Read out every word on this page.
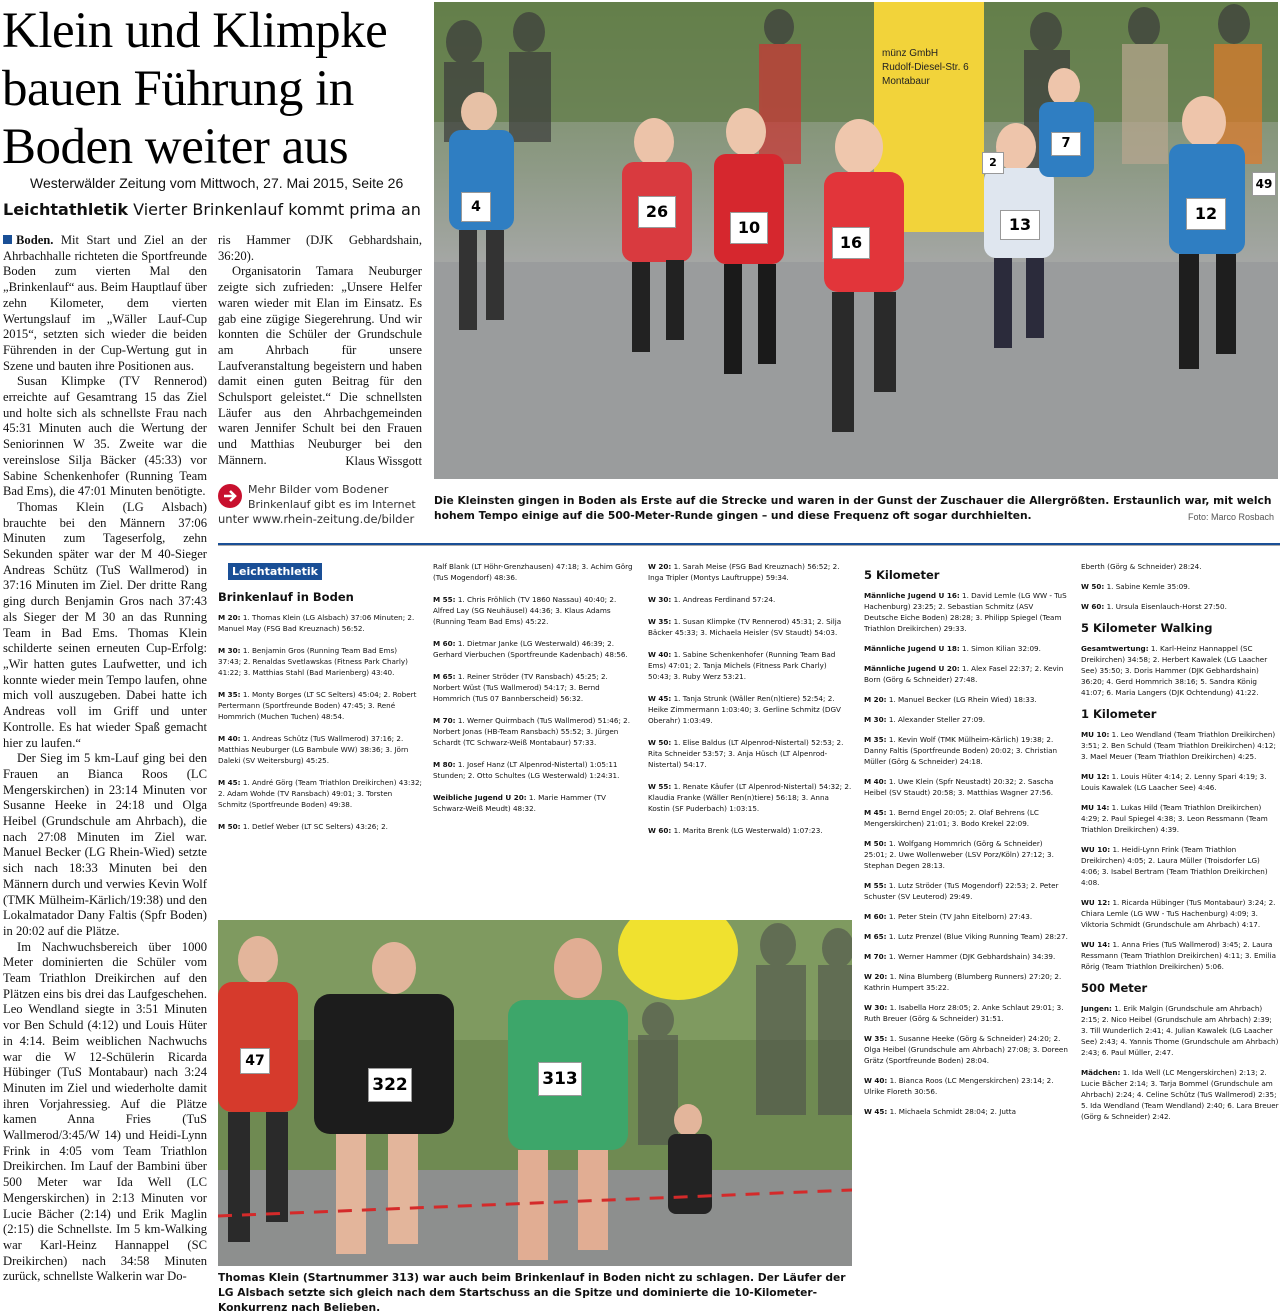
Klein und Klimpke bauen Führung in Boden weiter aus
Westerwälder Zeitung vom Mittwoch, 27. Mai 2015, Seite 26
Leichtathletik Vierter Brinkenlauf kommt prima an

Boden. Mit Start und Ziel an der Ahrbachhalle richteten die Sportfreunde Boden zum vierten Mal den „Brinkenlauf“ aus. Beim Hauptlauf über zehn Kilometer, dem vierten Wertungslauf im „Wäller Lauf-Cup 2015“, setzten sich wieder die beiden Führenden in der Cup-Wertung gut in Szene und bauten ihre Positionen aus.

Susan Klimpke (TV Rennerod) erreichte auf Gesamtrang 15 das Ziel und holte sich als schnellste Frau nach 45:31 Minuten auch die Wertung der Seniorinnen W 35. Zweite war die vereinslose Silja Bäcker (45:33) vor Sabine Schenkenhofer (Running Team Bad Ems), die 47:01 Minuten benötigte.

Thomas Klein (LG Alsbach) brauchte bei den Männern 37:06 Minuten zum Tageserfolg, zehn Sekunden später war der M 40-Sieger Andreas Schütz (TuS Wallmerod) in 37:16 Minuten im Ziel. Der dritte Rang ging durch Benjamin Gros nach 37:43 als Sieger der M 30 an das Running Team in Bad Ems. Thomas Klein schilderte seinen erneuten Cup-Erfolg: „Wir hatten gutes Laufwetter, und ich konnte wieder mein Tempo laufen, ohne mich voll auszugeben. Dabei hatte ich Andreas voll im Griff und unter Kontrolle. Es hat wieder Spaß gemacht hier zu laufen.“

Der Sieg im 5 km-Lauf ging bei den Frauen an Bianca Roos (LC Mengerskirchen) in 23:14 Minuten vor Susanne Heeke in 24:18 und Olga Heibel (Grundschule am Ahrbach), die nach 27:08 Minuten im Ziel war. Manuel Becker (LG Rhein-Wied) setzte sich nach 18:33 Minuten bei den Männern durch und verwies Kevin Wolf (TMK Mülheim-Kärlich/19:38) und den Lokalmatador Dany Faltis (Spfr Boden) in 20:02 auf die Plätze.

Im Nachwuchsbereich über 1000 Meter dominierten die Schüler vom Team Triathlon Dreikirchen auf den Plätzen eins bis drei das Laufgeschehen. Leo Wendland siegte in 3:51 Minuten vor Ben Schuld (4:12) und Louis Hüter in 4:14. Beim weiblichen Nachwuchs war die W 12-Schülerin Ricarda Hübinger (TuS Montabaur) nach 3:24 Minuten im Ziel und wiederholte damit ihren Vorjahressieg. Auf die Plätze kamen Anna Fries (TuS Wallmerod/3:45/W 14) und Heidi-Lynn Frink in 4:05 vom Team Triathlon Dreikirchen. Im Lauf der Bambini über 500 Meter war Ida Well (LC Mengerskirchen) in 2:13 Minuten vor Lucie Bächer (2:14) und Erik Maglin (2:15) die Schnellste. Im 5 km-Walking war Karl-Heinz Hannappel (SC Dreikirchen) nach 34:58 Minuten zurück, schnellste Walkerin war Do-

ris Hammer (DJK Gebhardshain, 36:20).

Organisatorin Tamara Neuburger zeigte sich zufrieden: „Unsere Helfer waren wieder mit Elan im Einsatz. Es gab eine zügige Siegerehrung. Und wir konnten die Schüler der Grundschule am Ahrbach für unsere Laufveranstaltung begeistern und haben damit einen guten Beitrag für den Schulsport geleistet.“ Die schnellsten Läufer aus den Ahrbachgemeinden waren Jennifer Schult bei den Frauen und Matthias Neuburger bei den Männern.	Klaus Wissgott
Mehr Bilder vom Bodener Brinkenlauf gibt es im Internet
unter www.rhein-zeitung.de/bilder
münz GmbH
Rudolf-Diesel-Str. 6
Montabaur
4	26
10
16
13
12
7
49
2
Die Kleinsten gingen in Boden als Erste auf die Strecke und waren in der Gunst der Zuschauer die Allergrößten. Erstaunlich war, mit welch hohem Tempo einige auf die 500-Meter-Runde gingen – und diese Frequenz oft sogar durchhielten.	Foto: Marco Rosbach
Leichtathletik
Brinkenlauf in Boden
M 20: 1. Thomas Klein (LG Alsbach) 37:06 Minuten; 2. Manuel May (FSG Bad Kreuznach) 56:52.
M 30: 1. Benjamin Gros (Running Team Bad Ems) 37:43; 2. Renaldas Svetlawskas (Fitness Park Charly) 41:22; 3. Matthias Stahl (Bad Marienberg) 43:40.
M 35: 1. Monty Borges (LT SC Selters) 45:04; 2. Robert Pertermann (Sportfreunde Boden) 47:45; 3. René Hommrich (Muchen Tuchen) 48:54.
M 40: 1. Andreas Schütz (TuS Wallmerod) 37:16; 2. Matthias Neuburger (LG Bambule WW) 38:36; 3. Jörn Daleki (SV Weitersburg) 45:25.
M 45: 1. André Görg (Team Triathlon Dreikirchen) 43:32; 2. Adam Wohde (TV Ransbach) 49:01; 3. Torsten Schmitz (Sportfreunde Boden) 49:38.
M 50: 1. Detlef Weber (LT SC Selters) 43:26; 2.
Ralf Blank (LT Höhr-Grenzhausen) 47:18; 3. Achim Görg (TuS Mogendorf) 48:36.
M 55: 1. Chris Fröhlich (TV 1860 Nassau) 40:40; 2. Alfred Lay (SG Neuhäusel) 44:36; 3. Klaus Adams (Running Team Bad Ems) 45:22.
M 60: 1. Dietmar Janke (LG Westerwald) 46:39; 2. Gerhard Vierbuchen (Sportfreunde Kadenbach) 48:56.
M 65: 1. Reiner Ströder (TV Ransbach) 45:25; 2. Norbert Wüst (TuS Wallmerod) 54:17; 3. Bernd Hommrich (TuS 07 Bannberscheid) 56:32.
M 70: 1. Werner Quirmbach (TuS Wallmerod) 51:46; 2. Norbert Jonas (HB-Team Ransbach) 55:52; 3. Jürgen Schardt (TC Schwarz-Weiß Montabaur) 57:33.
M 80: 1. Josef Hanz (LT Alpenrod-Nistertal) 1:05:11 Stunden; 2. Otto Schultes (LG Westerwald) 1:24:31.
Weibliche Jugend U 20: 1. Marie Hammer (TV Schwarz-Weiß Meudt) 48:32.
W 20: 1. Sarah Meise (FSG Bad Kreuznach) 56:52; 2. Inga Tripler (Montys Lauftruppe) 59:34.
W 30: 1. Andreas Ferdinand 57:24.
W 35: 1. Susan Klimpke (TV Rennerod) 45:31; 2. Silja Bäcker 45:33; 3. Michaela Heisler (SV Staudt) 54:03.
W 40: 1. Sabine Schenkenhofer (Running Team Bad Ems) 47:01; 2. Tanja Michels (Fitness Park Charly) 50:43; 3. Ruby Werz 53:21.
W 45: 1. Tanja Strunk (Wäller Ren(n)tiere) 52:54; 2. Heike Zimmermann 1:03:40; 3. Gerline Schmitz (DGV Oberahr) 1:03:49.
W 50: 1. Elise Baldus (LT Alpenrod-Nistertal) 52:53; 2. Rita Schneider 53:57; 3. Anja Hüsch (LT Alpenrod-Nistertal) 54:17.
W 55: 1. Renate Käufer (LT Alpenrod-Nistertal) 54:32; 2. Klaudia Franke (Wäller Ren(n)tiere) 56:18; 3. Anna Kostin (SF Puderbach) 1:03:15.
W 60: 1. Marita Brenk (LG Westerwald) 1:07:23.
5 Kilometer
Männliche Jugend U 16: 1. David Lemle (LG WW - TuS Hachenburg) 23:25; 2. Sebastian Schmitz (ASV Deutsche Eiche Boden) 28:28; 3. Philipp Spiegel (Team Triathlon Dreikirchen) 29:33.
Männliche Jugend U 18: 1. Simon Kilian 32:09.
Männliche Jugend U 20: 1. Alex Fasel 22:37; 2. Kevin Born (Görg & Schneider) 27:48.
M 20: 1. Manuel Becker (LG Rhein Wied) 18:33.
M 30: 1. Alexander Steller 27:09.
M 35: 1. Kevin Wolf (TMK Mülheim-Kärlich) 19:38; 2. Danny Faltis (Sportfreunde Boden) 20:02; 3. Christian Müller (Görg & Schneider) 24:18.
M 40: 1. Uwe Klein (Spfr Neustadt) 20:32; 2. Sascha Heibel (SV Staudt) 20:58; 3. Matthias Wagner 27:56.
M 45: 1. Bernd Engel 20:05; 2. Olaf Behrens (LC Mengerskirchen) 21:01; 3. Bodo Krekel 22:09.
M 50: 1. Wolfgang Hommrich (Görg & Schneider) 25:01; 2. Uwe Wollenweber (LSV Porz/Köln) 27:12; 3. Stephan Degen 28:13.
M 55: 1. Lutz Ströder (TuS Mogendorf) 22:53; 2. Peter Schuster (SV Leuterod) 29:49.
M 60: 1. Peter Stein (TV Jahn Eitelborn) 27:43.
M 65: 1. Lutz Prenzel (Blue Viking Running Team) 28:27.
M 70: 1. Werner Hammer (DJK Gebhardshain) 34:39.
W 20: 1. Nina Blumberg (Blumberg Runners) 27:20; 2. Kathrin Humpert 35:22.
W 30: 1. Isabella Horz 28:05; 2. Anke Schlaut 29:01; 3. Ruth Breuer (Görg & Schneider) 31:51.
W 35: 1. Susanne Heeke (Görg & Schneider) 24:20; 2. Olga Heibel (Grundschule am Ahrbach) 27:08; 3. Doreen Grätz (Sportfreunde Boden) 28:04.
W 40: 1. Bianca Roos (LC Mengerskirchen) 23:14; 2. Ulrike Floreth 30:56.
W 45: 1. Michaela Schmidt 28:04; 2. Jutta
Eberth (Görg & Schneider) 28:24.
W 50: 1. Sabine Kemle 35:09.
W 60: 1. Ursula Eisenlauch-Horst 27:50.
5 Kilometer Walking
Gesamtwertung: 1. Karl-Heinz Hannappel (SC Dreikirchen) 34:58; 2. Herbert Kawalek (LG Laacher See) 35:50; 3. Doris Hammer (DJK Gebhardshain) 36:20; 4. Gerd Hommrich 38:16; 5. Sandra König 41:07; 6. Maria Langers (DJK Ochtendung) 41:22.
1 Kilometer
MU 10: 1. Leo Wendland (Team Triathlon Dreikirchen) 3:51; 2. Ben Schuld (Team Triathlon Dreikirchen) 4:12; 3. Mael Meuer (Team Triathlon Dreikirchen) 4:25.
MU 12: 1. Louis Hüter 4:14; 2. Lenny Spari 4:19; 3. Louis Kawalek (LG Laacher See) 4:46.
MU 14: 1. Lukas Hild (Team Triathlon Dreikirchen) 4:29; 2. Paul Spiegel 4:38; 3. Leon Ressmann (Team Triathlon Dreikirchen) 4:39.
WU 10: 1. Heidi-Lynn Frink (Team Triathlon Dreikirchen) 4:05; 2. Laura Müller (Troisdorfer LG) 4:06; 3. Isabel Bertram (Team Triathlon Dreikirchen) 4:08.
WU 12: 1. Ricarda Hübinger (TuS Montabaur) 3:24; 2. Chiara Lemle (LG WW - TuS Hachenburg) 4:09; 3. Viktoria Schmidt (Grundschule am Ahrbach) 4:17.
WU 14: 1. Anna Fries (TuS Wallmerod) 3:45; 2. Laura Ressmann (Team Triathlon Dreikirchen) 4:11; 3. Emilia Rörig (Team Triathlon Dreikirchen) 5:06.
500 Meter
Jungen: 1. Erik Malgin (Grundschule am Ahrbach) 2:15; 2. Nico Heibel (Grundschule am Ahrbach) 2:39; 3. Till Wunderlich 2:41; 4. Julian Kawalek (LG Laacher See) 2:43; 4. Yannis Thome (Grundschule am Ahrbach) 2:43; 6. Paul Müller, 2:47.
Mädchen: 1. Ida Well (LC Mengerskirchen) 2:13; 2. Lucie Bächer 2:14; 3. Tarja Bommel (Grundschule am Ahrbach) 2:24; 4. Celine Schütz (TuS Wallmerod) 2:35; 5. Ida Wendland (Team Wendland) 2:40; 6. Lara Breuer (Görg & Schneider) 2:42.
47
322	313
Thomas Klein (Startnummer 313) war auch beim Brinkenlauf in Boden nicht zu schlagen. Der Läufer der LG Alsbach setzte sich gleich nach dem Startschuss an die Spitze und dominierte die 10-Kilometer-Konkurrenz nach Belieben.
